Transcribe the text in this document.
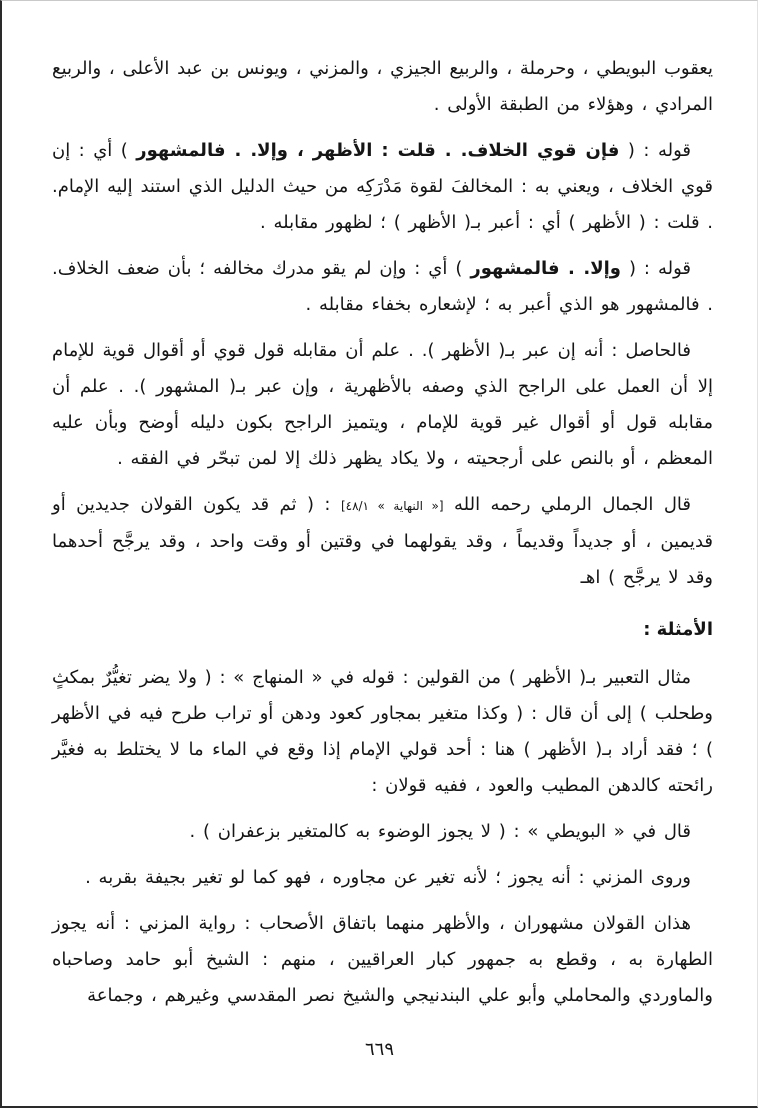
يعقوب البويطي ، وحرملة ، والربيع الجيزي ، والمزني ، ويونس بن عبد الأعلى ، والربيع المرادي ، وهؤلاء من الطبقة الأولى .

قوله : ( فإن قوي الخلاف. . قلت : الأظهر ، وإلا. . فالمشهور ) أي : إن قوي الخلاف ، ويعني به : المخالفَ لقوة مَدْرَكِه من حيث الدليل الذي استند إليه الإمام. . قلت : ( الأظهر ) أي : أعبر بـ( الأظهر ) ؛ لظهور مقابله .

قوله : ( وإلا. . فالمشهور ) أي : وإن لم يقو مدرك مخالفه ؛ بأن ضعف الخلاف. . فالمشهور هو الذي أعبر به ؛ لإشعاره بخفاء مقابله .

فالحاصل : أنه إن عبر بـ( الأظهر ). . علم أن مقابله قول قوي أو أقوال قوية للإمام إلا أن العمل على الراجح الذي وصفه بالأظهرية ، وإن عبر بـ( المشهور ). . علم أن مقابله قول أو أقوال غير قوية للإمام ، ويتميز الراجح بكون دليله أوضح وبأن عليه المعظم ، أو بالنص على أرجحيته ، ولا يكاد يظهر ذلك إلا لمن تبحّر في الفقه .

قال الجمال الرملي رحمه الله [« النهاية » ٤٨/١] : ( ثم قد يكون القولان جديدين أو قديمين ، أو جديداً وقديماً ، وقد يقولهما في وقتين أو وقت واحد ، وقد يرجَّح أحدهما وقد لا يرجَّح ) اهـ

الأمثلة :

مثال التعبير بـ( الأظهر ) من القولين : قوله في « المنهاج » : ( ولا يضر تغيُّرٌ بمكثٍ وطحلب ) إلى أن قال : ( وكذا متغير بمجاور كعود ودهن أو تراب طرح فيه في الأظهر ) ؛ فقد أراد بـ( الأظهر ) هنا : أحد قولي الإمام إذا وقع في الماء ما لا يختلط به فغيَّر رائحته كالدهن المطيب والعود ، ففيه قولان :

قال في « البويطي » : ( لا يجوز الوضوء به كالمتغير بزعفران ) .

وروى المزني : أنه يجوز ؛ لأنه تغير عن مجاوره ، فهو كما لو تغير بجيفة بقربه .

هذان القولان مشهوران ، والأظهر منهما باتفاق الأصحاب : رواية المزني : أنه يجوز الطهارة به ، وقطع به جمهور كبار العراقيين ، منهم : الشيخ أبو حامد وصاحباه والماوردي والمحاملي وأبو علي البندنيجي والشيخ نصر المقدسي وغيرهم ، وجماعة

٦٦٩
